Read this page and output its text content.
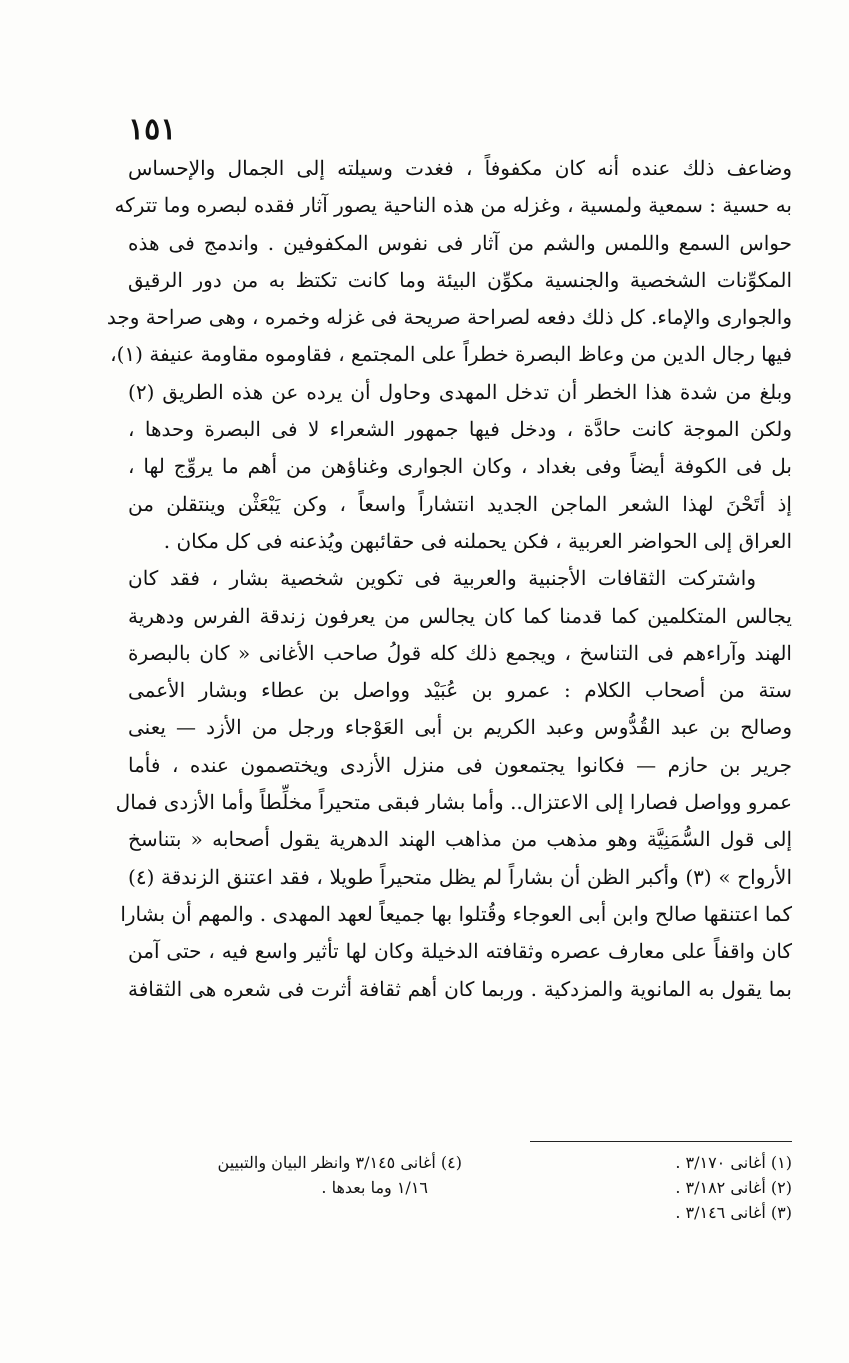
١٥١
وضاعف ذلك عنده أنه كان مكفوفاً ، فغدت وسيلته إلى الجمال والإحساس
به حسية : سمعية ولمسية ، وغزله من هذه الناحية يصور آثار فقده لبصره وما تتركه
حواس السمع واللمس والشم من آثار فى نفوس المكفوفين . واندمج فى هذه
المكوِّنات الشخصية والجنسية مكوِّن البيئة وما كانت تكتظ به من دور الرقيق
والجوارى والإماء. كل ذلك دفعه لصراحة صريحة فى غزله وخمره ، وهى صراحة وجد
فيها رجال الدين من وعاظ البصرة خطراً على المجتمع ، فقاوموه مقاومة عنيفة (١)،
وبلغ من شدة هذا الخطر أن تدخل المهدى وحاول أن يرده عن هذه الطريق (٢)
ولكن الموجة كانت حادَّة ، ودخل فيها جمهور الشعراء لا فى البصرة وحدها ،
بل فى الكوفة أيضاً وفى بغداد ، وكان الجوارى وغناؤهن من أهم ما يروِّج لها ،
إذ أتَحْنَ لهذا الشعر الماجن الجديد انتشاراً واسعاً ، وكن يَبْعَثْن وينتقلن من
العراق إلى الحواضر العربية ، فكن يحملنه فى حقائبهن ويُذعنه فى كل مكان .
واشتركت الثقافات الأجنبية والعربية فى تكوين شخصية بشار ، فقد كان
يجالس المتكلمين كما قدمنا كما كان يجالس من يعرفون زندقة الفرس ودهرية
الهند وآراءهم فى التناسخ ، ويجمع ذلك كله قولُ صاحب الأغانى « كان بالبصرة
ستة من أصحاب الكلام : عمرو بن عُبَيْد وواصل بن عطاء وبشار الأعمى
وصالح بن عبد القُدُّوس وعبد الكريم بن أبى العَوْجاء ورجل من الأزد — يعنى
جرير بن حازم — فكانوا يجتمعون فى منزل الأزدى ويختصمون عنده ، فأما
عمرو وواصل فصارا إلى الاعتزال.. وأما بشار فبقى متحيراً مخلِّطاً وأما الأزدى فمال
إلى قول السُّمَنِيَّة وهو مذهب من مذاهب الهند الدهرية يقول أصحابه « بتناسخ
الأرواح » (٣) وأكبر الظن أن بشاراً لم يظل متحيراً طويلا ، فقد اعتنق الزندقة (٤)
كما اعتنقها صالح وابن أبى العوجاء وقُتلوا بها جميعاً لعهد المهدى . والمهم أن بشارا
كان واقفاً على معارف عصره وثقافته الدخيلة وكان لها تأثير واسع فيه ، حتى آمن
بما يقول به المانوية والمزدكية . وربما كان أهم ثقافة أثرت فى شعره هى الثقافة
(١) أغانى ٣/١٧٠ .
(٢) أغانى ٣/١٨٢ .
(٣) أغانى ٣/١٤٦ .
(٤) أغانى ٣/١٤٥ وانظر البيان والتبيين
١/١٦ وما بعدها .
